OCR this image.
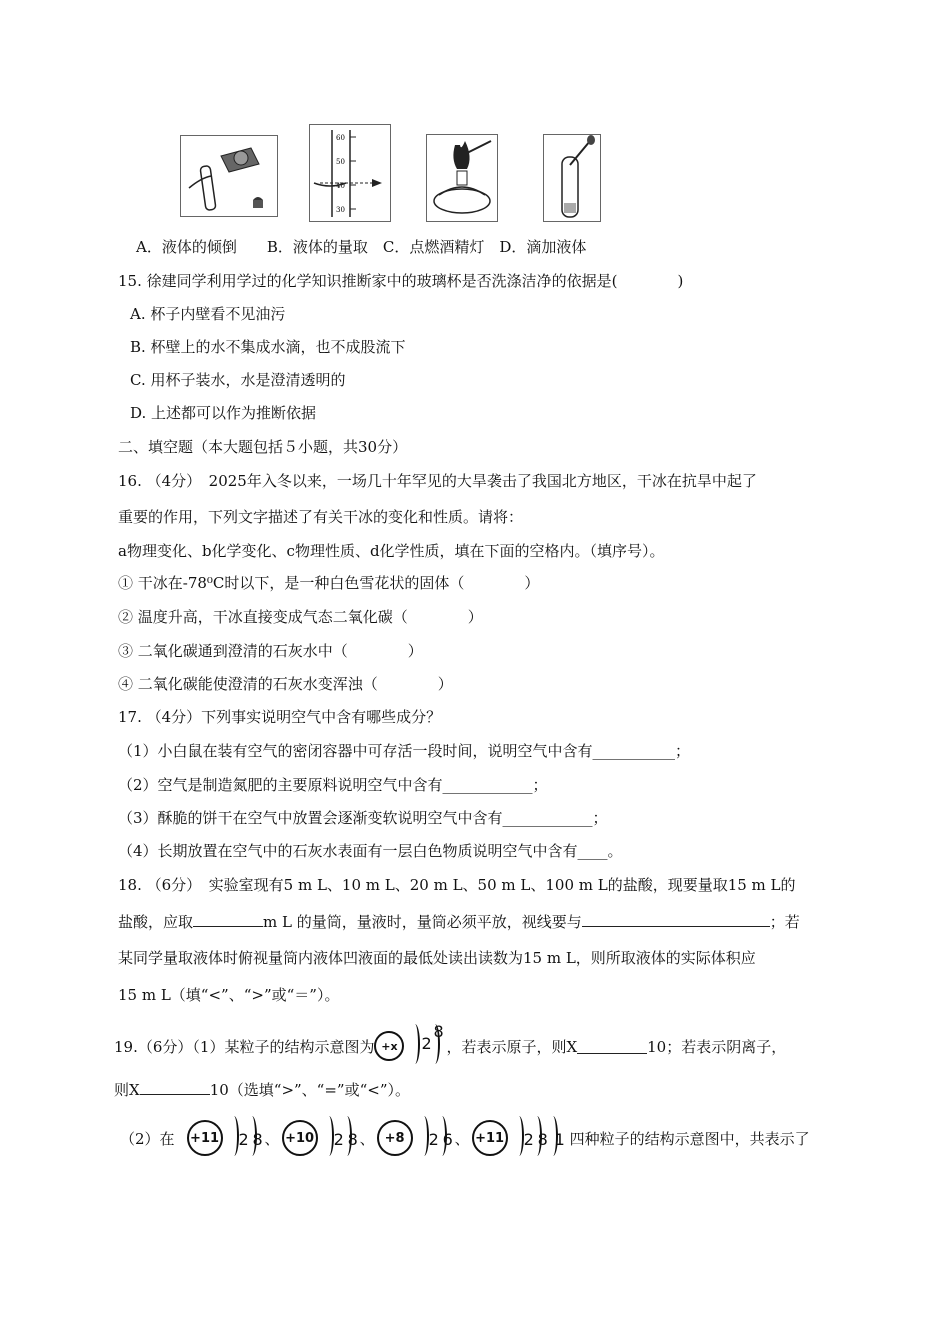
60
50
40
30
A．液体的倾倒　　B．液体的量取　C．点燃酒精灯　D．滴加液体
15. 徐建同学利用学过的化学知识推断家中的玻璃杯是否洗涤洁净的依据是(　　　　)
A. 杯子内壁看不见油污
B. 杯壁上的水不集成水滴，也不成股流下
C. 用杯子装水，水是澄清透明的
D. 上述都可以作为推断依据
二、填空题（本大题包括５小题，共30分）
16. （4分）　2025年入冬以来，一场几十年罕见的大旱袭击了我国北方地区，干冰在抗旱中起了
重要的作用，下列文字描述了有关干冰的变化和性质。请将：
a物理变化、b化学变化、c物理性质、d化学性质，填在下面的空格内。（填序号）。
① 干冰在-78⁰C时以下，是一种白色雪花状的固体（　　　　）
② 温度升高，干冰直接变成气态二氧化碳（　　　　）
③ 二氧化碳通到澄清的石灰水中（　　　　）
④ 二氧化碳能使澄清的石灰水变浑浊（　　　　）
17. （4分）下列事实说明空气中含有哪些成分？
（1）小白鼠在装有空气的密闭容器中可存活一段时间，说明空气中含有___________；
（2）空气是制造氮肥的主要原料说明空气中含有____________；
（3）酥脆的饼干在空气中放置会逐渐变软说明空气中含有____________；
（4）长期放置在空气中的石灰水表面有一层白色物质说明空气中含有____。
18. （6分）　实验室现有5 m L、10 m L、20 m L、50 m L、100 m L的盐酸，现要量取15 m L的
盐酸，应取	m L 的量筒，量液时，量筒必须平放，视线要与	；若
某同学量取液体时俯视量筒内液体凹液面的最低处读出读数为15 m L，则所取液体的实际体积应
15 m L（填“<”、“>”或“＝”）。
19.（6分）（1）某粒子的结构示意图为 +x	2
8
，若表示原子，则X	10；若表示阴离子，
则X	10（选填“>”、“=”或“<”）。
（2）在 +11 2 8 、 +10 2 8 、 +8	2 6 、 +11 2 8 1 四种粒子的结构示意图中，共表示了
